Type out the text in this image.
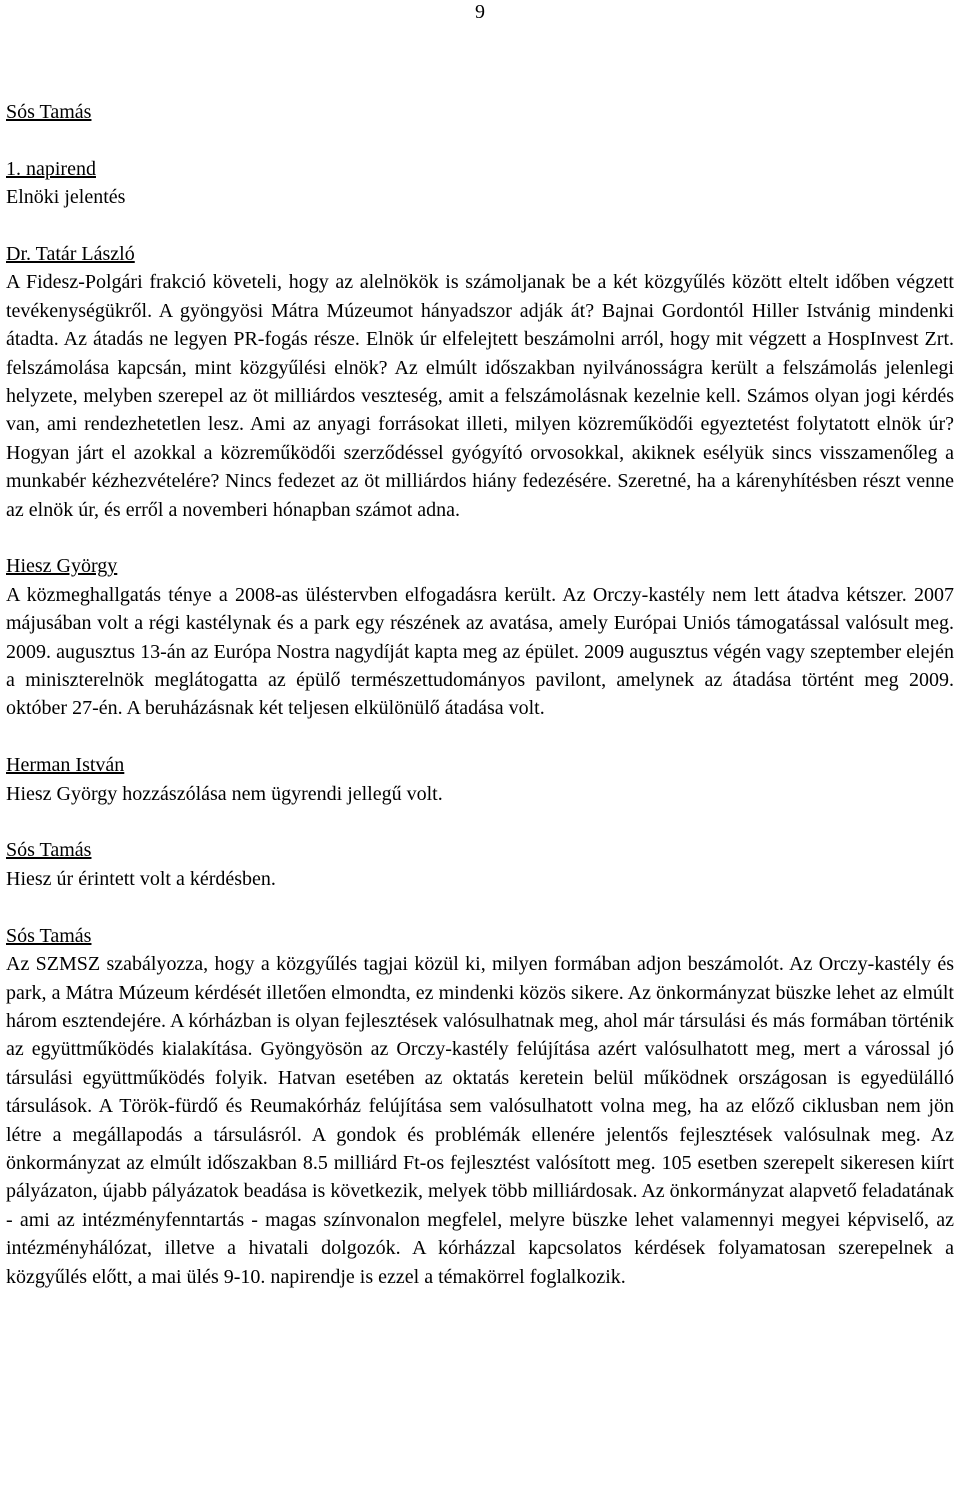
9
Sós Tamás
1. napirend
Elnöki jelentés
Dr. Tatár László

A Fidesz-Polgári frakció követeli, hogy az alelnökök is számoljanak be a két közgyűlés között eltelt időben végzett tevékenységükről. A gyöngyösi Mátra Múzeumot hányadszor adják át? Bajnai Gordontól Hiller Istvánig mindenki átadta. Az átadás ne legyen PR-fogás része. Elnök úr elfelejtett beszámolni arról, hogy mit végzett a HospInvest Zrt. felszámolása kapcsán, mint közgyűlési elnök? Az elmúlt időszakban nyilvánosságra került a felszámolás jelenlegi helyzete, melyben szerepel az öt milliárdos veszteség, amit a felszámolásnak kezelnie kell. Számos olyan jogi kérdés van, ami rendezhetetlen lesz. Ami az anyagi forrásokat illeti, milyen közreműködői egyeztetést folytatott elnök úr? Hogyan járt el azokkal a közreműködői szerződéssel gyógyító orvosokkal, akiknek esélyük sincs visszamenőleg a munkabér kézhezvételére? Nincs fedezet az öt milliárdos hiány fedezésére. Szeretné, ha a kárenyhítésben részt venne az elnök úr, és erről a novemberi hónapban számot adna.

Hiesz György

A közmeghallgatás ténye a 2008-as üléstervben elfogadásra került. Az Orczy-kastély nem lett átadva kétszer. 2007 májusában volt a régi kastélynak és a park egy részének az avatása, amely Európai Uniós támogatással valósult meg. 2009. augusztus 13-án az Európa Nostra nagydíját kapta meg az épület. 2009 augusztus végén vagy szeptember elején a miniszterelnök meglátogatta az épülő természettudományos pavilont, amelynek az átadása történt meg 2009. október 27-én. A beruházásnak két teljesen elkülönülő átadása volt.

Herman István

Hiesz György hozzászólása nem ügyrendi jellegű volt.

Sós Tamás

Hiesz úr érintett volt a kérdésben.

Sós Tamás

Az SZMSZ szabályozza, hogy a közgyűlés tagjai közül ki, milyen formában adjon beszámolót. Az Orczy-kastély és park, a Mátra Múzeum kérdését illetően elmondta, ez mindenki közös sikere. Az önkormányzat büszke lehet az elmúlt három esztendejére. A kórházban is olyan fejlesztések valósulhatnak meg, ahol már társulási és más formában történik az együttműködés kialakítása. Gyöngyösön az Orczy-kastély felújítása azért valósulhatott meg, mert a várossal jó társulási együttműködés folyik. Hatvan esetében az oktatás keretein belül működnek országosan is egyedülálló társulások. A Török-fürdő és Reumakórház felújítása sem valósulhatott volna meg, ha az előző ciklusban nem jön létre a megállapodás a társulásról. A gondok és problémák ellenére jelentős fejlesztések valósulnak meg. Az önkormányzat az elmúlt időszakban 8.5 milliárd Ft-os fejlesztést valósított meg. 105 esetben szerepelt sikeresen kiírt pályázaton, újabb pályázatok beadása is következik, melyek több milliárdosak. Az önkormányzat alapvető feladatának - ami az intézményfenntartás - magas színvonalon megfelel, melyre büszke lehet valamennyi megyei képviselő, az intézményhálózat, illetve a hivatali dolgozók. A kórházzal kapcsolatos kérdések folyamatosan szerepelnek a közgyűlés előtt, a mai ülés 9-10. napirendje is ezzel a témakörrel foglalkozik.
